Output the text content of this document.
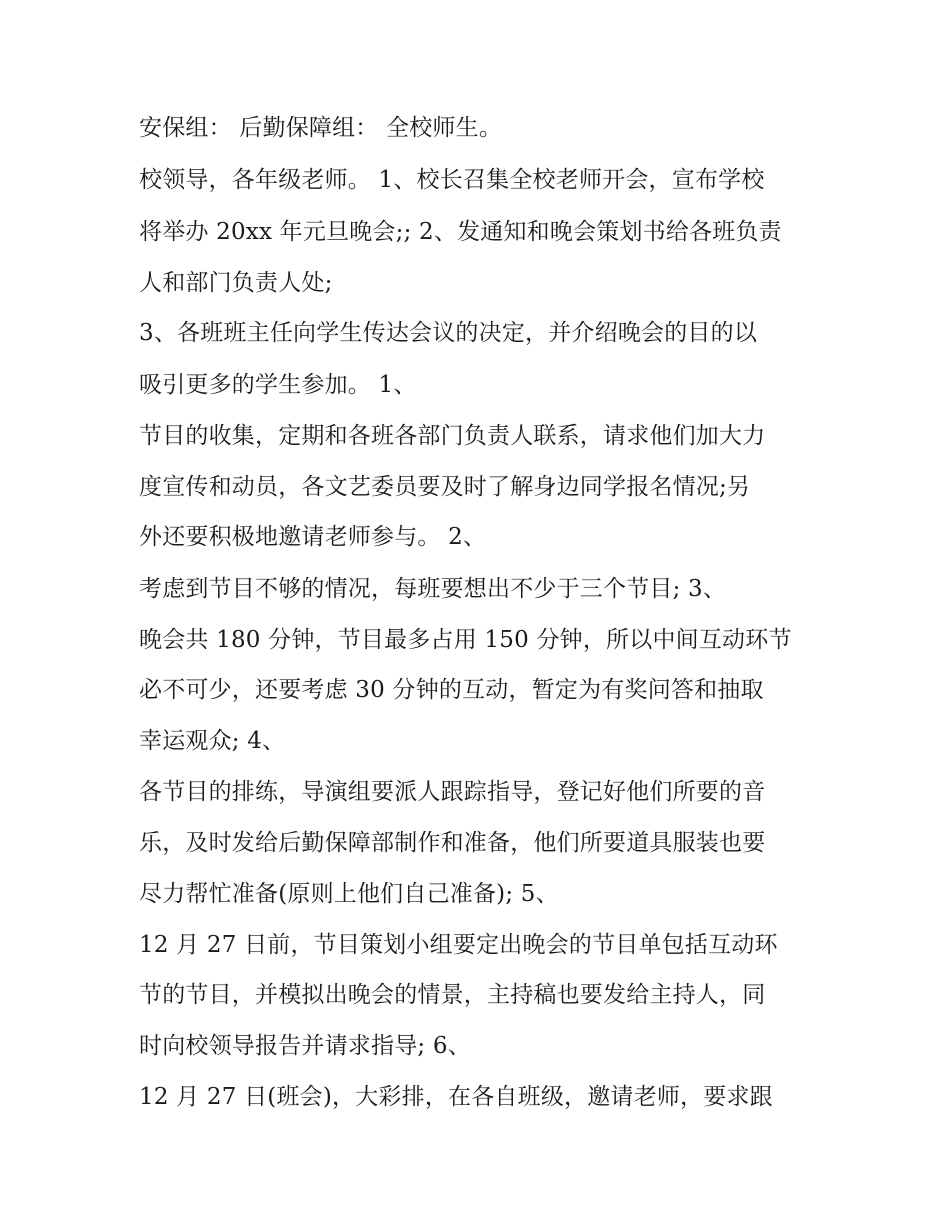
安保组： 后勤保障组： 全校师生。
校领导，各年级老师。 1、校长召集全校老师开会，宣布学校
将举办 20xx 年元旦晚会;; 2、发通知和晚会策划书给各班负责
人和部门负责人处;
3、各班班主任向学生传达会议的决定，并介绍晚会的目的以
吸引更多的学生参加。 1、
节目的收集，定期和各班各部门负责人联系，请求他们加大力
度宣传和动员，各文艺委员要及时了解身边同学报名情况;另
外还要积极地邀请老师参与。 2、
考虑到节目不够的情况，每班要想出不少于三个节目; 3、
晚会共 180 分钟，节目最多占用 150 分钟，所以中间互动环节
必不可少，还要考虑 30 分钟的互动，暂定为有奖问答和抽取
幸运观众; 4、
各节目的排练，导演组要派人跟踪指导，登记好他们所要的音
乐，及时发给后勤保障部制作和准备，他们所要道具服装也要
尽力帮忙准备(原则上他们自己准备); 5、
12 月 27 日前，节目策划小组要定出晚会的节目单包括互动环
节的节目，并模拟出晚会的情景，主持稿也要发给主持人，同
时向校领导报告并请求指导; 6、
12 月 27 日(班会)，大彩排，在各自班级，邀请老师，要求跟
